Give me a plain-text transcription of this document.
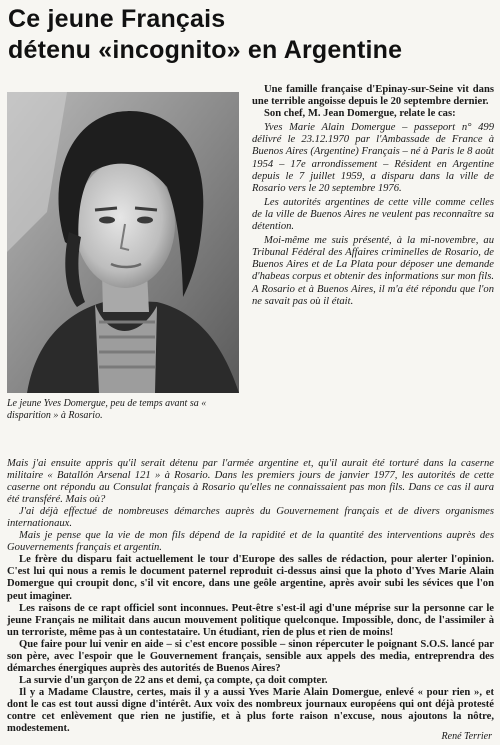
Ce jeune Français
détenu «incognito» en Argentine
Le jeune Yves Domergue, peu de temps avant sa « disparition » à Rosario.

Une famille française d'Epinay-sur-Seine vit dans une terrible angoisse depuis le 20 septembre dernier.

Son chef, M. Jean Domergue, relate le cas:

Yves Marie Alain Domergue – passeport n° 499 délivré le 23.12.1970 par l'Ambassade de France à Buenos Aires (Argentine) Français – né à Paris le 8 août 1954 – 17e arrondissement – Résident en Argentine depuis le 7 juillet 1959, a disparu dans la ville de Rosario vers le 20 septembre 1976.

Les autorités argentines de cette ville comme celles de la ville de Buenos Aires ne veulent pas reconnaître sa détention.

Moi-même me suis présenté, à la mi-novembre, au Tribunal Fédéral des Affaires criminelles de Rosario, de Buenos Aires et de La Plata pour déposer une demande d'habeas corpus et obtenir des informations sur mon fils. A Rosario et à Buenos Aires, il m'a été répondu que l'on ne savait pas où il était.

Mais j'ai ensuite appris qu'il serait détenu par l'armée argentine et, qu'il aurait été torturé dans la caserne militaire « Batallón Arsenal 121 » à Rosario. Dans les premiers jours de janvier 1977, les autorités de cette caserne ont répondu au Consulat français à Rosario qu'elles ne connaissaient pas mon fils. Dans ce cas il aura été transféré. Mais où?

J'ai déjà effectué de nombreuses démarches auprès du Gouvernement français et de divers organismes internationaux.

Mais je pense que la vie de mon fils dépend de la rapidité et de la quantité des interventions auprès des Gouvernements français et argentin.

Le frère du disparu fait actuellement le tour d'Europe des salles de rédaction, pour alerter l'opinion. C'est lui qui nous a remis le document paternel reproduit ci-dessus ainsi que la photo d'Yves Marie Alain Domergue qui croupit donc, s'il vit encore, dans une geôle argentine, après avoir subi les sévices que l'on peut imaginer.

Les raisons de ce rapt officiel sont inconnues. Peut-être s'est-il agi d'une méprise sur la personne car le jeune Français ne militait dans aucun mouvement politique quelconque. Impossible, donc, de l'assimiler à un terroriste, même pas à un contestataire. Un étudiant, rien de plus et rien de moins!

Que faire pour lui venir en aide – si c'est encore possible – sinon répercuter le poignant S.O.S. lancé par son père, avec l'espoir que le Gouvernement français, sensible aux appels des media, entreprendra des démarches énergiques auprès des autorités de Buenos Aires?

La survie d'un garçon de 22 ans et demi, ça compte, ça doit compter.

Il y a Madame Claustre, certes, mais il y a aussi Yves Marie Alain Domergue, enlevé « pour rien », et dont le cas est tout aussi digne d'intérêt. Aux voix des nombreux journaux européens qui ont déjà protesté contre cet enlèvement que rien ne justifie, et à plus forte raison n'excuse, nous ajoutons la nôtre, modestement.

René Terrier
